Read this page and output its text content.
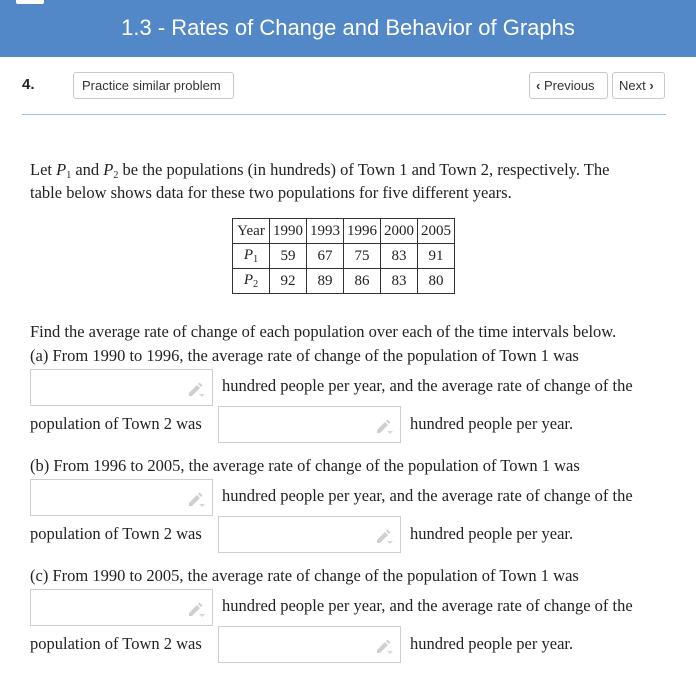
1.3 - Rates of Change and Behavior of Graphs
4.	Practice similar problem	‹ Previous	Next ›
Let $P_1$ and $P_2$ be the populations (in hundreds) of Town 1 and Town 2, respectively. The
table below shows data for these two populations for five different years.
Year	1990	1993	1996	2000	2005
$P_1$	59	67	75	83	91
$P_2$	92	89	86	83	80
Find the average rate of change of each population over each of the time intervals below.
(a) From 1990 to 1996, the average rate of change of the population of Town 1 was
hundred people per year, and the average rate of change of the
population of Town 2 was	hundred people per year.
(b) From 1996 to 2005, the average rate of change of the population of Town 1 was
hundred people per year, and the average rate of change of the
population of Town 2 was	hundred people per year.
(c) From 1990 to 2005, the average rate of change of the population of Town 1 was
hundred people per year, and the average rate of change of the
population of Town 2 was	hundred people per year.
